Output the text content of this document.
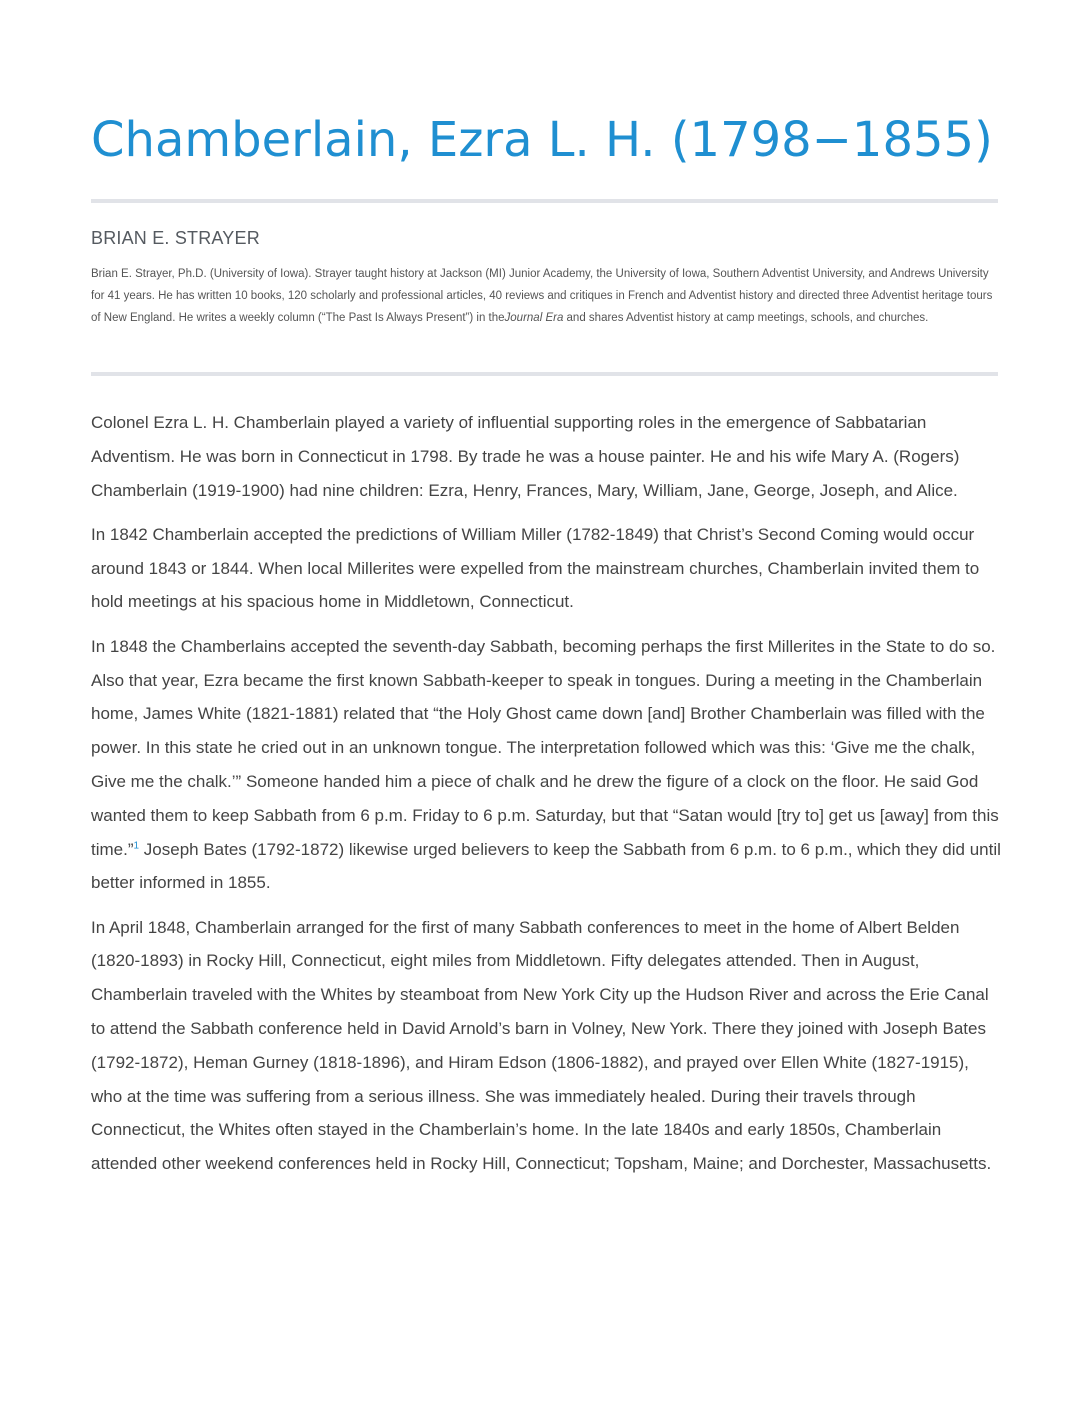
Chamberlain, Ezra L. H. (1798−1855)
BRIAN E. STRAYER
Brian E. Strayer, Ph.D. (University of Iowa). Strayer taught history at Jackson (MI) Junior Academy, the University of Iowa, Southern Adventist University, and Andrews University for 41 years. He has written 10 books, 120 scholarly and professional articles, 40 reviews and critiques in French and Adventist history and directed three Adventist heritage tours of New England. He writes a weekly column (“The Past Is Always Present”) in theJournal Era and shares Adventist history at camp meetings, schools, and churches.

Colonel Ezra L. H. Chamberlain played a variety of influential supporting roles in the emergence of Sabbatarian Adventism. He was born in Connecticut in 1798. By trade he was a house painter. He and his wife Mary A. (Rogers) Chamberlain (1919-1900) had nine children: Ezra, Henry, Frances, Mary, William, Jane, George, Joseph, and Alice.

In 1842 Chamberlain accepted the predictions of William Miller (1782-1849) that Christ’s Second Coming would occur around 1843 or 1844. When local Millerites were expelled from the mainstream churches, Chamberlain invited them to hold meetings at his spacious home in Middletown, Connecticut.

In 1848 the Chamberlains accepted the seventh-day Sabbath, becoming perhaps the first Millerites in the State to do so. Also that year, Ezra became the first known Sabbath-keeper to speak in tongues. During a meeting in the Chamberlain home, James White (1821-1881) related that “the Holy Ghost came down [and] Brother Chamberlain was filled with the power. In this state he cried out in an unknown tongue. The interpretation followed which was this: ‘Give me the chalk, Give me the chalk.’” Someone handed him a piece of chalk and he drew the figure of a clock on the floor. He said God wanted them to keep Sabbath from 6 p.m. Friday to 6 p.m. Saturday, but that “Satan would [try to] get us [away] from this time.”$^1$ Joseph Bates (1792-1872) likewise urged believers to keep the Sabbath from 6 p.m. to 6 p.m., which they did until better informed in 1855.

In April 1848, Chamberlain arranged for the first of many Sabbath conferences to meet in the home of Albert Belden (1820-1893) in Rocky Hill, Connecticut, eight miles from Middletown. Fifty delegates attended. Then in August, Chamberlain traveled with the Whites by steamboat from New York City up the Hudson River and across the Erie Canal to attend the Sabbath conference held in David Arnold’s barn in Volney, New York. There they joined with Joseph Bates (1792-1872), Heman Gurney (1818-1896), and Hiram Edson (1806-1882), and prayed over Ellen White (1827-1915), who at the time was suffering from a serious illness. She was immediately healed. During their travels through Connecticut, the Whites often stayed in the Chamberlain’s home. In the late 1840s and early 1850s, Chamberlain attended other weekend conferences held in Rocky Hill, Connecticut; Topsham, Maine; and Dorchester, Massachusetts.
